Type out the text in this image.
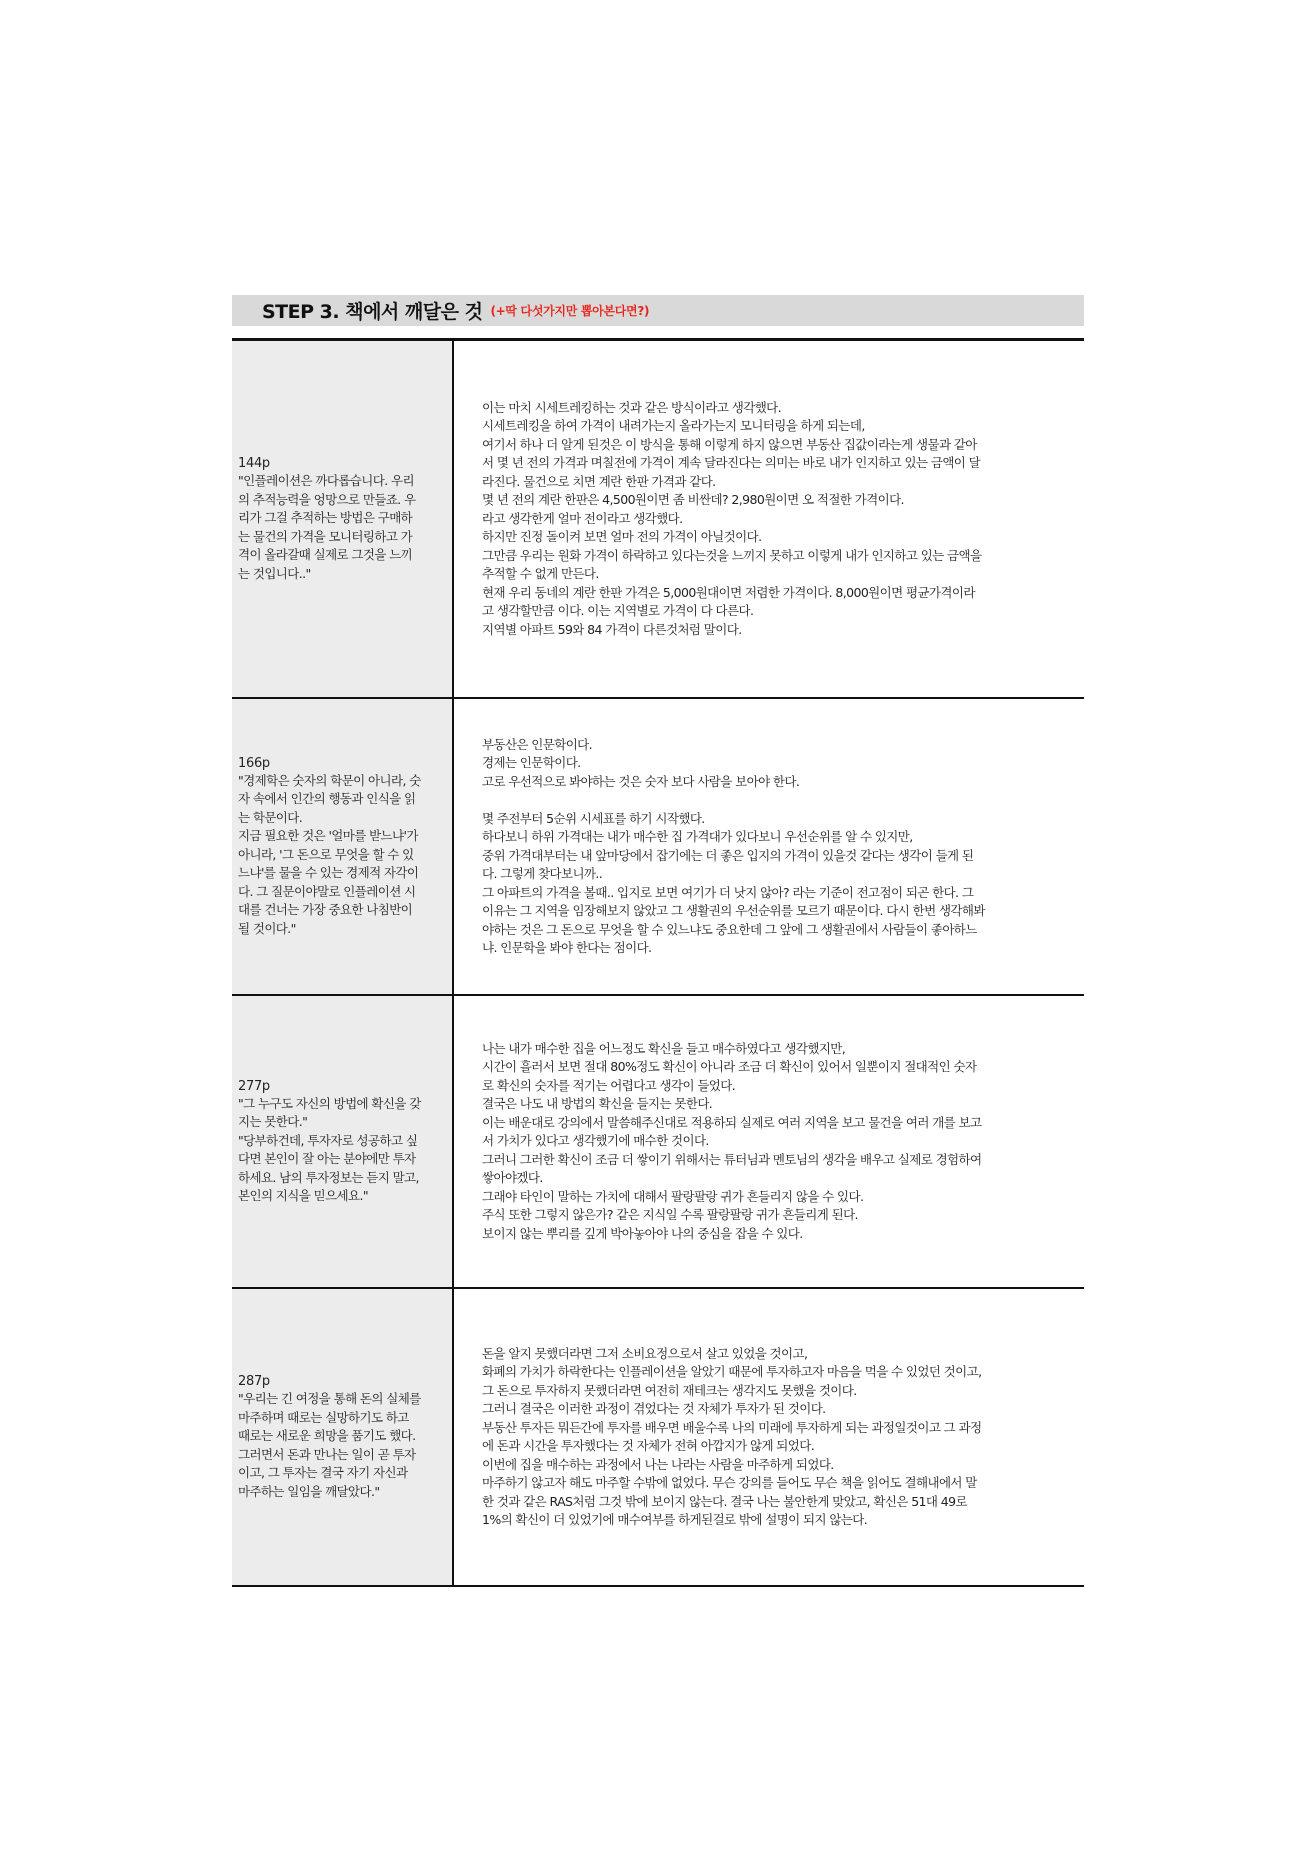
STEP 3. 책에서 깨달은 것 (+딱 다섯가지만 뽑아본다면?)
144p
"인플레이션은 까다롭습니다. 우리
의 추적능력을 엉망으로 만들죠. 우
리가 그걸 추적하는 방법은 구매하
는 물건의 가격을 모니터링하고 가
격이 올라갈때 실제로 그것을 느끼
는 것입니다.."
이는 마치 시세트레킹하는 것과 같은 방식이라고 생각했다.
시세트레킹을 하여 가격이 내려가는지 올라가는지 모니터링을 하게 되는데,
여기서 하나 더 알게 된것은 이 방식을 통해 이렇게 하지 않으면 부동산 집값이라는게 생물과 같아
서 몇 년 전의 가격과 며칠전에 가격이 계속 달라진다는 의미는 바로 내가 인지하고 있는 금액이 달
라진다. 물건으로 치면 계란 한판 가격과 같다.
몇 년 전의 계란 한판은 4,500원이면 좀 비싼데? 2,980원이면 오 적절한 가격이다.
라고 생각한게 얼마 전이라고 생각했다.
하지만 진정 돌이켜 보면 얼마 전의 가격이 아닐것이다.
그만큼 우리는 원화 가격이 하락하고 있다는것을 느끼지 못하고 이렇게 내가 인지하고 있는 금액을
추적할 수 없게 만든다.
현재 우리 동네의 계란 한판 가격은 5,000원대이면 저렴한 가격이다. 8,000원이면 평균가격이라
고 생각할만큼 이다. 이는 지역별로 가격이 다 다른다.
지역별 아파트 59와 84 가격이 다른것처럼 말이다.
166p
"경제학은 숫자의 학문이 아니라, 숫
자 속에서 인간의 행동과 인식을 읽
는 학문이다.
지금 필요한 것은 '얼마를 받느냐'가
아니라, '그 돈으로 무엇을 할 수 있
느냐'를 물을 수 있는 경제적 자각이
다. 그 질문이야말로 인플레이션 시
대를 건너는 가장 중요한 나침반이
될 것이다."
부동산은 인문학이다.
경제는 인문학이다.
고로 우선적으로 봐야하는 것은 숫자 보다 사람을 보아야 한다.
몇 주전부터 5순위 시세표를 하기 시작했다.
하다보니 하위 가격대는 내가 매수한 집 가격대가 있다보니 우선순위를 알 수 있지만,
중위 가격대부터는 내 앞마당에서 잡기에는 더 좋은 입지의 가격이 있을것 같다는 생각이 들게 된
다. 그렇게 찾다보니까..
그 아파트의 가격을 볼때.. 입지로 보면 여기가 더 낫지 않아? 라는 기준이 전고점이 되곤 한다. 그
이유는 그 지역을 임장해보지 않았고 그 생활권의 우선순위를 모르기 때문이다. 다시 한번 생각해봐
야하는 것은 그 돈으로 무엇을 할 수 있느냐도 중요한데 그 앞에 그 생활권에서 사람들이 좋아하느
냐. 인문학을 봐야 한다는 점이다.
277p
"그 누구도 자신의 방법에 확신을 갖
지는 못한다."
"당부하건데, 투자자로 성공하고 싶
다면 본인이 잘 아는 분야에만 투자
하세요. 남의 투자정보는 듣지 말고,
본인의 지식을 믿으세요."
나는 내가 매수한 집을 어느정도 확신을 들고 매수하였다고 생각했지만,
시간이 흘러서 보면 절대 80%정도 확신이 아니라 조금 더 확신이 있어서 일뿐이지 절대적인 숫자
로 확신의 숫자를 적기는 어렵다고 생각이 들었다.
결국은 나도 내 방법의 확신을 들지는 못한다.
이는 배운대로 강의에서 말씀해주신대로 적용하되 실제로 여러 지역을 보고 물건을 여러 개를 보고
서 가치가 있다고 생각했기에 매수한 것이다.
그러니 그러한 확신이 조금 더 쌓이기 위해서는 튜터님과 멘토님의 생각을 배우고 실제로 경험하여
쌓아야겠다.
그래야 타인이 말하는 가치에 대해서 팔랑팔랑 귀가 흔들리지 않을 수 있다.
주식 또한 그렇지 않은가? 같은 지식일 수록 팔랑팔랑 귀가 흔들리게 된다.
보이지 않는 뿌리를 깊게 박아놓아야 나의 중심을 잡을 수 있다.
287p
"우리는 긴 여정을 통해 돈의 실체를
마주하며 때로는 실망하기도 하고
때로는 새로운 희망을 품기도 했다.
그러면서 돈과 만나는 일이 곧 투자
이고, 그 투자는 결국 자기 자신과
마주하는 일임을 깨달았다."
돈을 알지 못했더라면 그저 소비요정으로서 살고 있었을 것이고,
화폐의 가치가 하락한다는 인플레이션을 알았기 때문에 투자하고자 마음을 먹을 수 있었던 것이고,
그 돈으로 투자하지 못했더라면 여전히 재테크는 생각지도 못했을 것이다.
그러니 결국은 이러한 과정이 겪었다는 것 자체가 투자가 된 것이다.
부동산 투자든 뭐든간에 투자를 배우면 배울수록 나의 미래에 투자하게 되는 과정일것이고 그 과정
에 돈과 시간을 투자했다는 것 자체가 전혀 아깝지가 않게 되었다.
이번에 집을 매수하는 과정에서 나는 나라는 사람을 마주하게 되었다.
마주하기 않고자 해도 마주할 수밖에 없었다. 무슨 강의를 들어도 무슨 책을 읽어도 결해내에서 말
한 것과 같은 RAS처럼 그것 밖에 보이지 않는다. 결국 나는 불안한게 맞았고, 확신은 51대 49로
1%의 확신이 더 있었기에 매수여부를 하게된걸로 밖에 설명이 되지 않는다.
